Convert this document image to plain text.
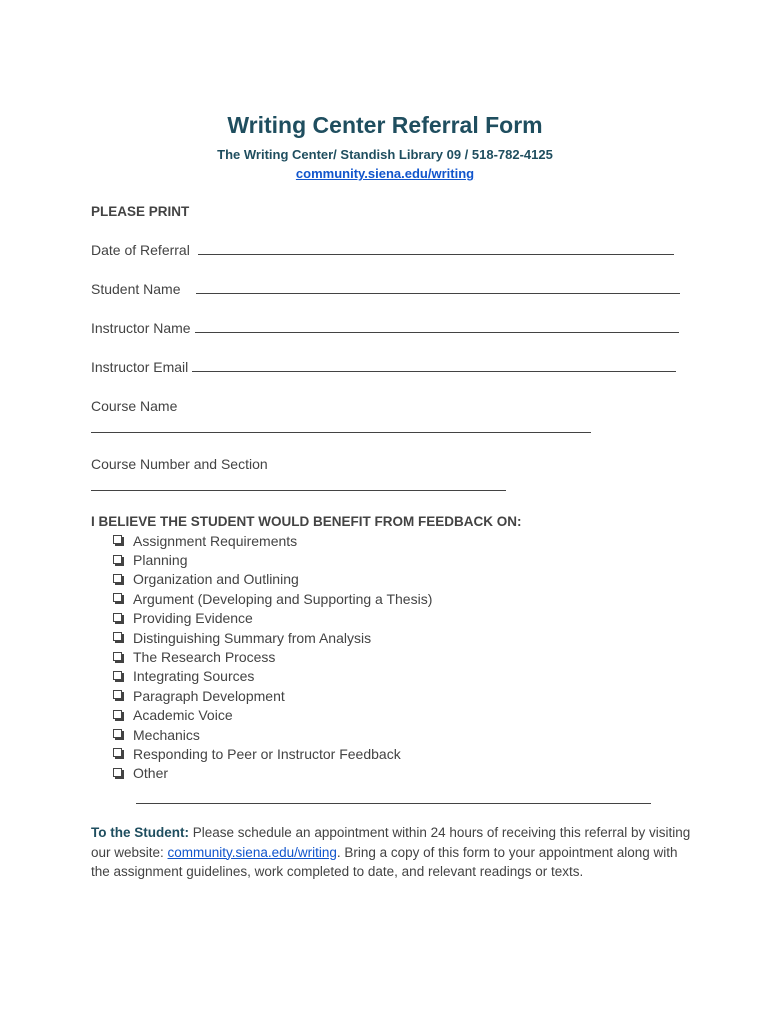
Writing Center Referral Form
The Writing Center/ Standish Library 09 / 518-782-4125
community.siena.edu/writing
PLEASE PRINT
Date of Referral
Student Name
Instructor Name
Instructor Email
Course Name
Course Number and Section
I BELIEVE THE STUDENT WOULD BENEFIT FROM FEEDBACK ON:
Assignment Requirements
Planning
Organization and Outlining
Argument (Developing and Supporting a Thesis)
Providing Evidence
Distinguishing Summary from Analysis
The Research Process
Integrating Sources
Paragraph Development
Academic Voice
Mechanics
Responding to Peer or Instructor Feedback
Other
To the Student: Please schedule an appointment within 24 hours of receiving this referral by visiting our website: community.siena.edu/writing. Bring a copy of this form to your appointment along with the assignment guidelines, work completed to date, and relevant readings or texts.
